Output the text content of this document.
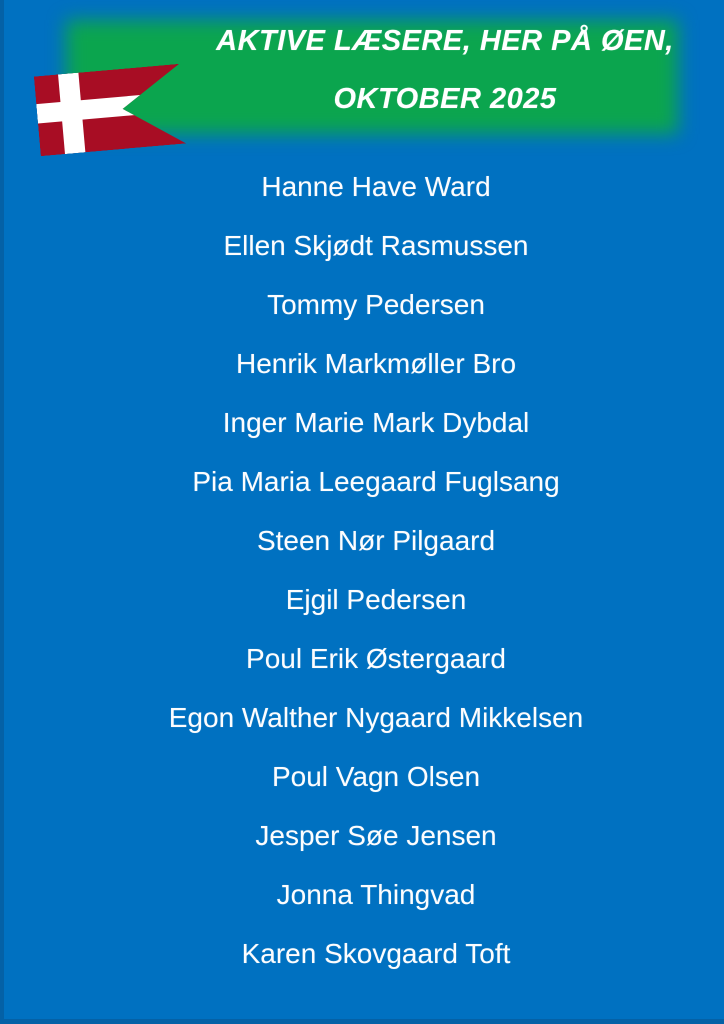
AKTIVE LÆSERE, HER PÅ ØEN,
OKTOBER 2025
Hanne Have Ward
Ellen Skjødt Rasmussen
Tommy Pedersen
Henrik Markmøller Bro
Inger Marie Mark Dybdal
Pia Maria Leegaard Fuglsang
Steen Nør Pilgaard
Ejgil Pedersen
Poul Erik Østergaard
Egon Walther Nygaard Mikkelsen
Poul Vagn Olsen
Jesper Søe Jensen
Jonna Thingvad
Karen Skovgaard Toft
